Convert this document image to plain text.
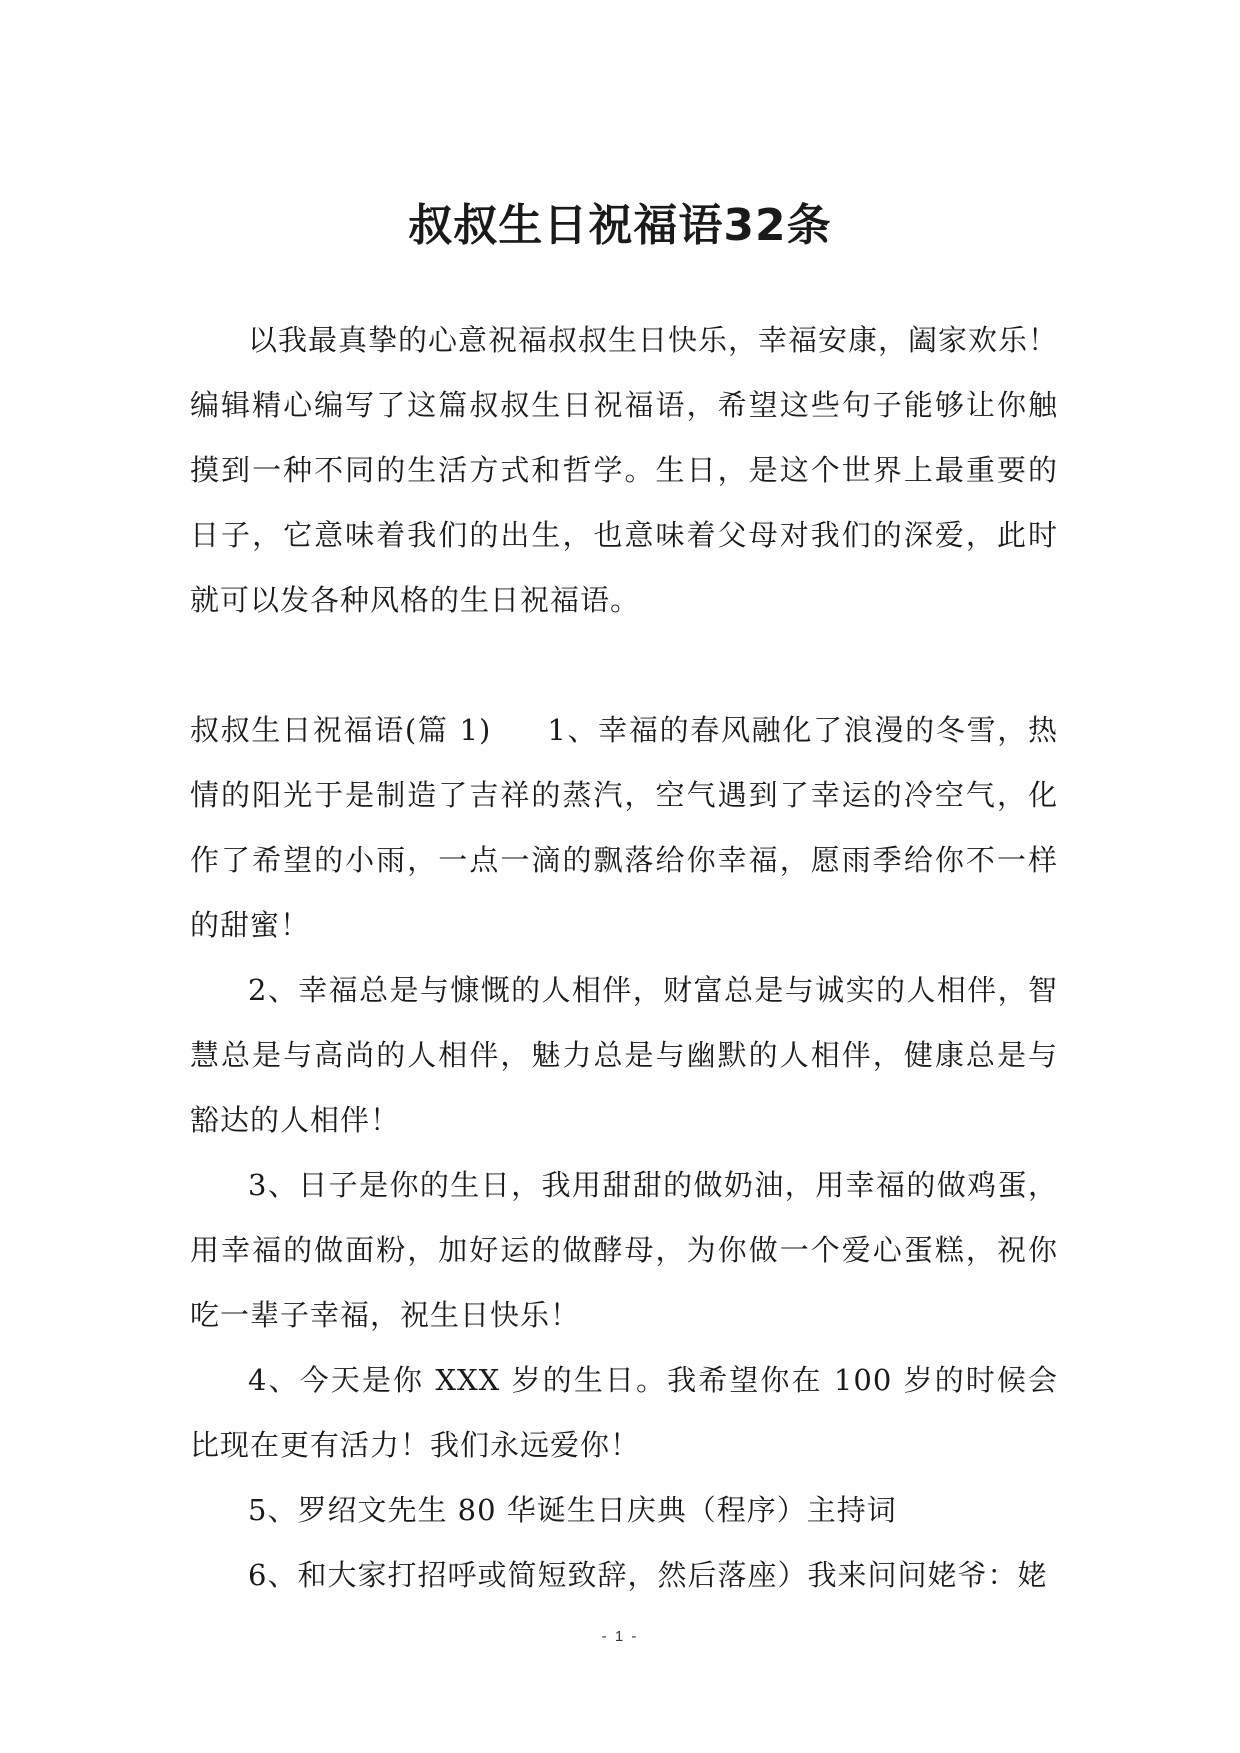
叔叔生日祝福语32条

以我最真挚的心意祝福叔叔生日快乐，幸福安康，阖家欢乐！编辑精心编写了这篇叔叔生日祝福语，希望这些句子能够让你触摸到一种不同的生活方式和哲学。生日，是这个世界上最重要的日子，它意味着我们的出生，也意味着父母对我们的深爱，此时就可以发各种风格的生日祝福语。

叔叔生日祝福语(篇 1) 1、幸福的春风融化了浪漫的冬雪，热情的阳光于是制造了吉祥的蒸汽，空气遇到了幸运的冷空气，化作了希望的小雨，一点一滴的飘落给你幸福，愿雨季给你不一样的甜蜜！

2、幸福总是与慷慨的人相伴，财富总是与诚实的人相伴，智慧总是与高尚的人相伴，魅力总是与幽默的人相伴，健康总是与豁达的人相伴！

3、日子是你的生日，我用甜甜的做奶油，用幸福的做鸡蛋，用幸福的做面粉，加好运的做酵母，为你做一个爱心蛋糕，祝你吃一辈子幸福，祝生日快乐！

4、今天是你 XXX 岁的生日。我希望你在 100 岁的时候会比现在更有活力！我们永远爱你！

5、罗绍文先生 80 华诞生日庆典（程序）主持词

6、和大家打招呼或简短致辞，然后落座）我来问问姥爷：姥

- 1 -
